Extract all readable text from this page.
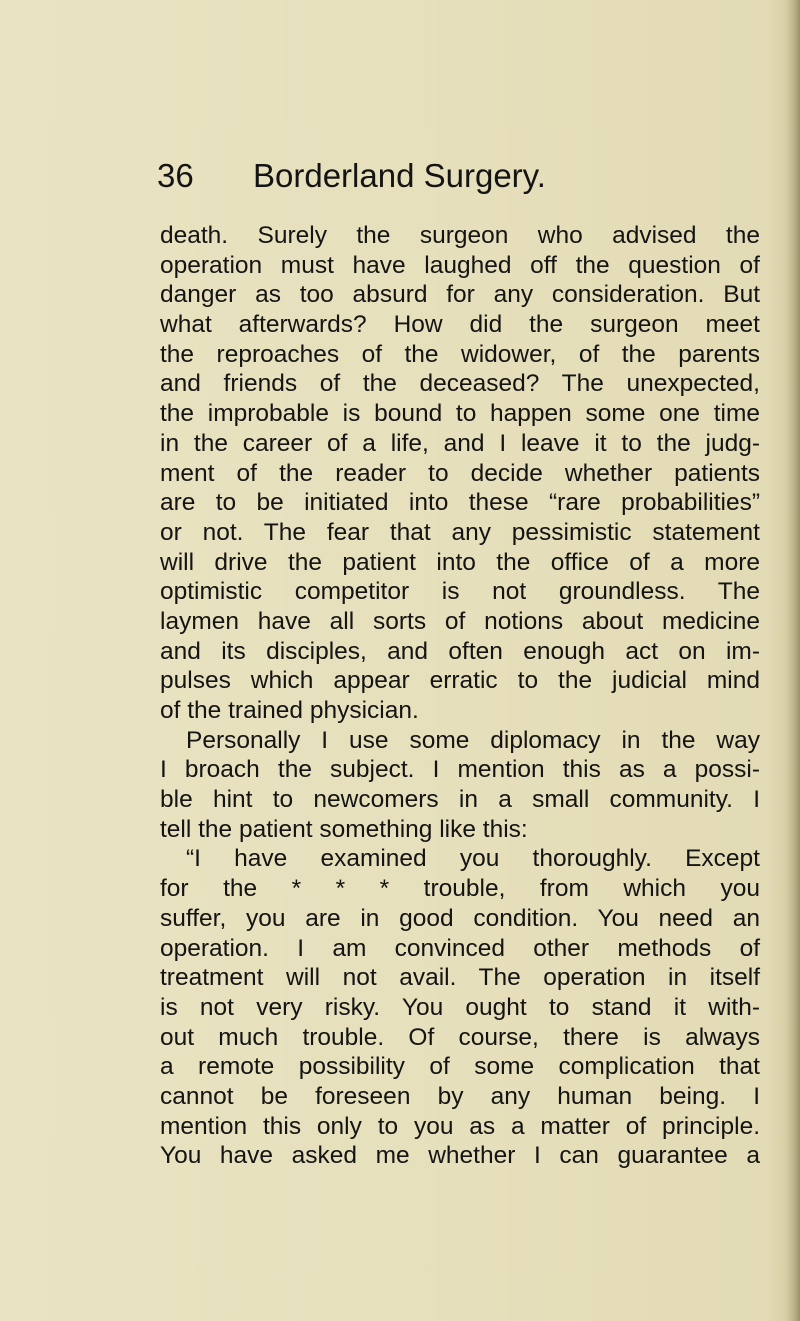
36 Borderland Surgery.
death. Surely the surgeon who advised the
operation must have laughed off the question of
danger as too absurd for any consideration. But
what afterwards? How did the surgeon meet
the reproaches of the widower, of the parents
and friends of the deceased? The unexpected,
the improbable is bound to happen some one time
in the career of a life, and I leave it to the judg-
ment of the reader to decide whether patients
are to be initiated into these “rare probabilities”
or not. The fear that any pessimistic statement
will drive the patient into the office of a more
optimistic competitor is not groundless. The
laymen have all sorts of notions about medicine
and its disciples, and often enough act on im-
pulses which appear erratic to the judicial mind
of the trained physician.
Personally I use some diplomacy in the way
I broach the subject. I mention this as a possi-
ble hint to newcomers in a small community. I
tell the patient something like this:
“I have examined you thoroughly. Except
for the * * * trouble, from which you
suffer, you are in good condition. You need an
operation. I am convinced other methods of
treatment will not avail. The operation in itself
is not very risky. You ought to stand it with-
out much trouble. Of course, there is always
a remote possibility of some complication that
cannot be foreseen by any human being. I
mention this only to you as a matter of principle.
You have asked me whether I can guarantee a
